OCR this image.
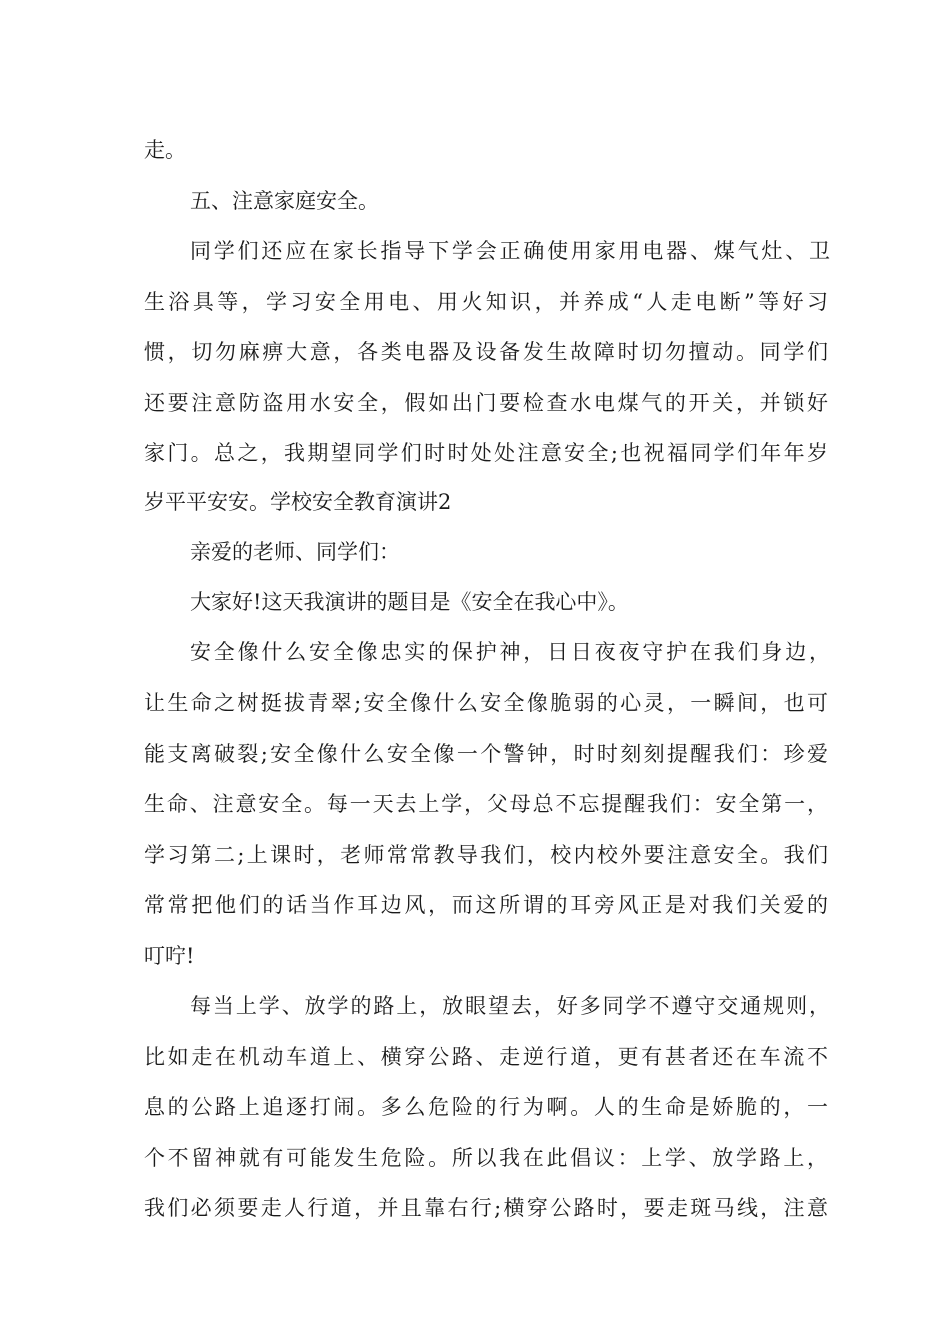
走。
五、注意家庭安全。
同学们还应在家长指导下学会正确使用家用电器、煤气灶、卫
生浴具等，学习安全用电、用火知识，并养成“人走电断”等好习
惯，切勿麻痹大意，各类电器及设备发生故障时切勿擅动。同学们
还要注意防盗用水安全，假如出门要检查水电煤气的开关，并锁好
家门。总之，我期望同学们时时处处注意安全;也祝福同学们年年岁
岁平平安安。学校安全教育演讲2
亲爱的老师、同学们：
大家好!这天我演讲的题目是《安全在我心中》。
安全像什么安全像忠实的保护神，日日夜夜守护在我们身边，
让生命之树挺拔青翠;安全像什么安全像脆弱的心灵，一瞬间，也可
能支离破裂;安全像什么安全像一个警钟，时时刻刻提醒我们：珍爱
生命、注意安全。每一天去上学，父母总不忘提醒我们：安全第一，
学习第二;上课时，老师常常教导我们，校内校外要注意安全。我们
常常把他们的话当作耳边风，而这所谓的耳旁风正是对我们关爱的
叮咛!
每当上学、放学的路上，放眼望去，好多同学不遵守交通规则，
比如走在机动车道上、横穿公路、走逆行道，更有甚者还在车流不
息的公路上追逐打闹。多么危险的行为啊。人的生命是娇脆的，一
个不留神就有可能发生危险。所以我在此倡议：上学、放学路上，
我们必须要走人行道，并且靠右行;横穿公路时，要走斑马线，注意
